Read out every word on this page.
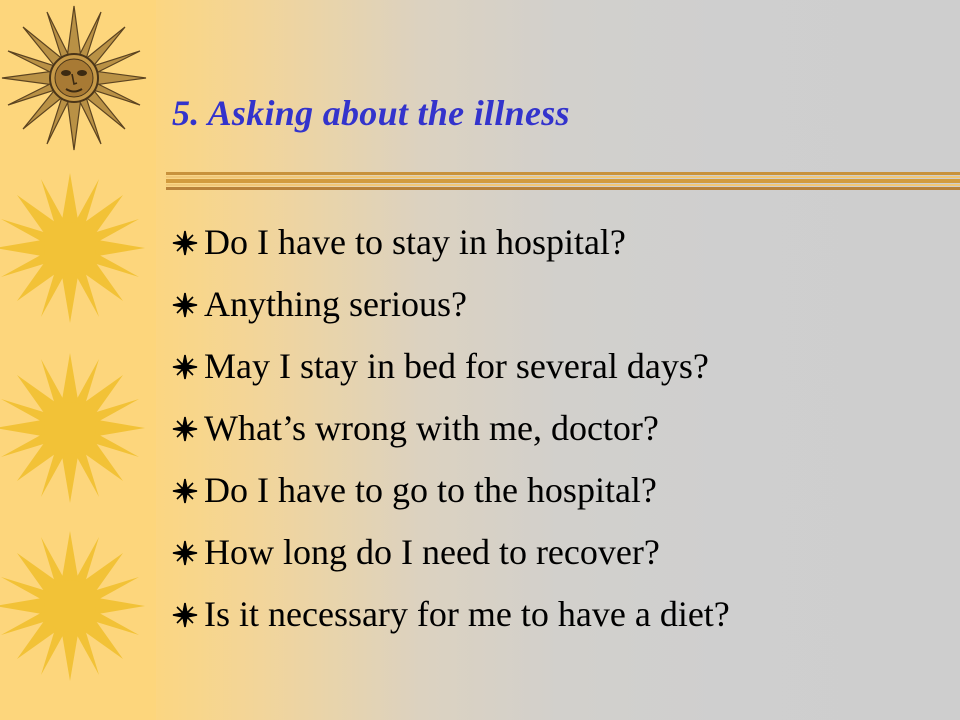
5. Asking about the illness
Do I have to stay in hospital?
Anything serious?
May I stay in bed for several days?
What’s wrong with me, doctor?
Do I have to go to the hospital?
How long do I need to recover?
Is it necessary for me to have a diet?
